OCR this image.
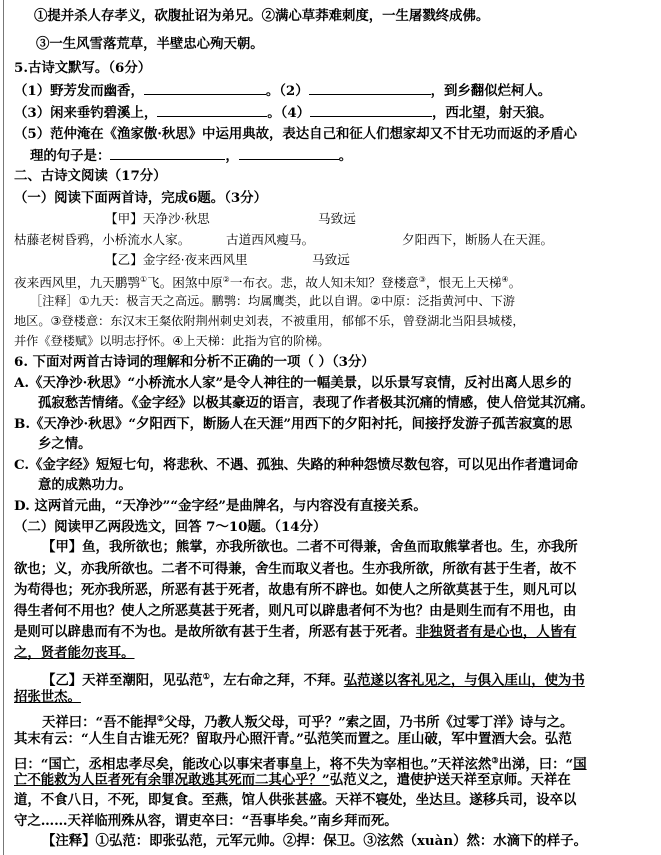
①提并杀人存孝义，砍腹扯诏为弟兄。②满心草莽难刺度，一生屠戮终成佛。
③一生风雪落荒草，半壁忠心殉天朝。
5.古诗文默写。（6分）
（1）野芳发而幽香，	。（2）	，到乡翻似烂柯人。
（3）闲来垂钓碧溪上，	。（4）	，西北望，射天狼。
（5）范仲淹在《渔家傲·秋思》中运用典故，表达自己和征人们想家却又不甘无功而返的矛盾心
理的句子是：	，	。
二、古诗文阅读（17分）
（一）阅读下面两首诗，完成6题。（3分）
【甲】天净沙·秋思	马致远
枯藤老树昏鸦，小桥流水人家。	古道西风瘦马。	夕阳西下，断肠人在天涯。
【乙】金字经·夜来西风里	马致远
夜来西风里，九天鹏鹗①飞。困煞中原②一布衣。悲，故人知未知？登楼意③，恨无上天梯④。
［注释］①九天：极言天之高远。鹏鹗：均属鹰类，此以自谓。②中原：泛指黄河中、下游
地区。③登楼意：东汉末王粲依附荆州刺史刘表，不被重用，郁郁不乐，曾登湖北当阳县城楼，
并作《登楼赋》以明志抒怀。④上天梯：此指为官的阶梯。
6. 下面对两首古诗词的理解和分析不正确的一项（ ）（3分）
A.《天净沙·秋思》“小桥流水人家”是令人神往的一幅美景，以乐景写哀情，反衬出离人思乡的
孤寂愁苦情绪。《金字经》以极其豪迈的语言，表现了作者极其沉痛的情感，使人倍觉其沉痛。
B.《天净沙·秋思》“夕阳西下，断肠人在天涯”用西下的夕阳衬托，间接抒发游子孤苦寂寞的思
乡之情。
C.《金字经》短短七句，将悲秋、不遇、孤独、失路的种种怨愤尽数包容，可以见出作者遣词命
意的成熟功力。
D. 这两首元曲，“天净沙”“金字经”是曲牌名，与内容没有直接关系。
（二）阅读甲乙两段选文，回答 7～10题。（14分）
【甲】鱼，我所欲也；熊掌，亦我所欲也。二者不可得兼，舍鱼而取熊掌者也。生，亦我所
欲也；义，亦我所欲也。二者不可得兼，舍生而取义者也。生亦我所欲，所欲有甚于生者，故不
为苟得也；死亦我所恶，所恶有甚于死者，故患有所不辟也。如使人之所欲莫甚于生，则凡可以
得生者何不用也？使人之所恶莫甚于死者，则凡可以辟患者何不为也？由是则生而有不用也，由
是则可以辟患而有不为也。是故所欲有甚于生者，所恶有甚于死者。非独贤者有是心也，人皆有
之，贤者能勿丧耳。
【乙】天祥至潮阳，见弘范①，左右命之拜，不拜。弘范遂以客礼见之，与俱入厓山，使为书
招张世杰。
天祥曰：“吾不能捍②父母，乃教人叛父母，可乎？”索之固，乃书所《过零丁洋》诗与之。
其末有云：“人生自古谁无死？留取丹心照汗青。”弘范笑而置之。厓山破，军中置酒大会。弘范
曰：“国亡，丞相忠孝尽矣，能改心以事宋者事皇上，将不失为宰相也。”天祥泫然③出涕，曰：“国
亡不能救为人臣者死有余罪况敢逃其死而二其心乎？”弘范义之，遣使护送天祥至京师。天祥在
道，不食八日，不死，即复食。至燕，馆人供张甚盛。天祥不寝处，坐达旦。遂移兵司，设卒以
守之……天祥临刑殊从容，谓吏卒曰：“吾事毕矣。”南乡拜而死。
【注释】①弘范：即张弘范，元军元帅。②捍：保卫。③泫然（xuàn）然：水滴下的样子。
